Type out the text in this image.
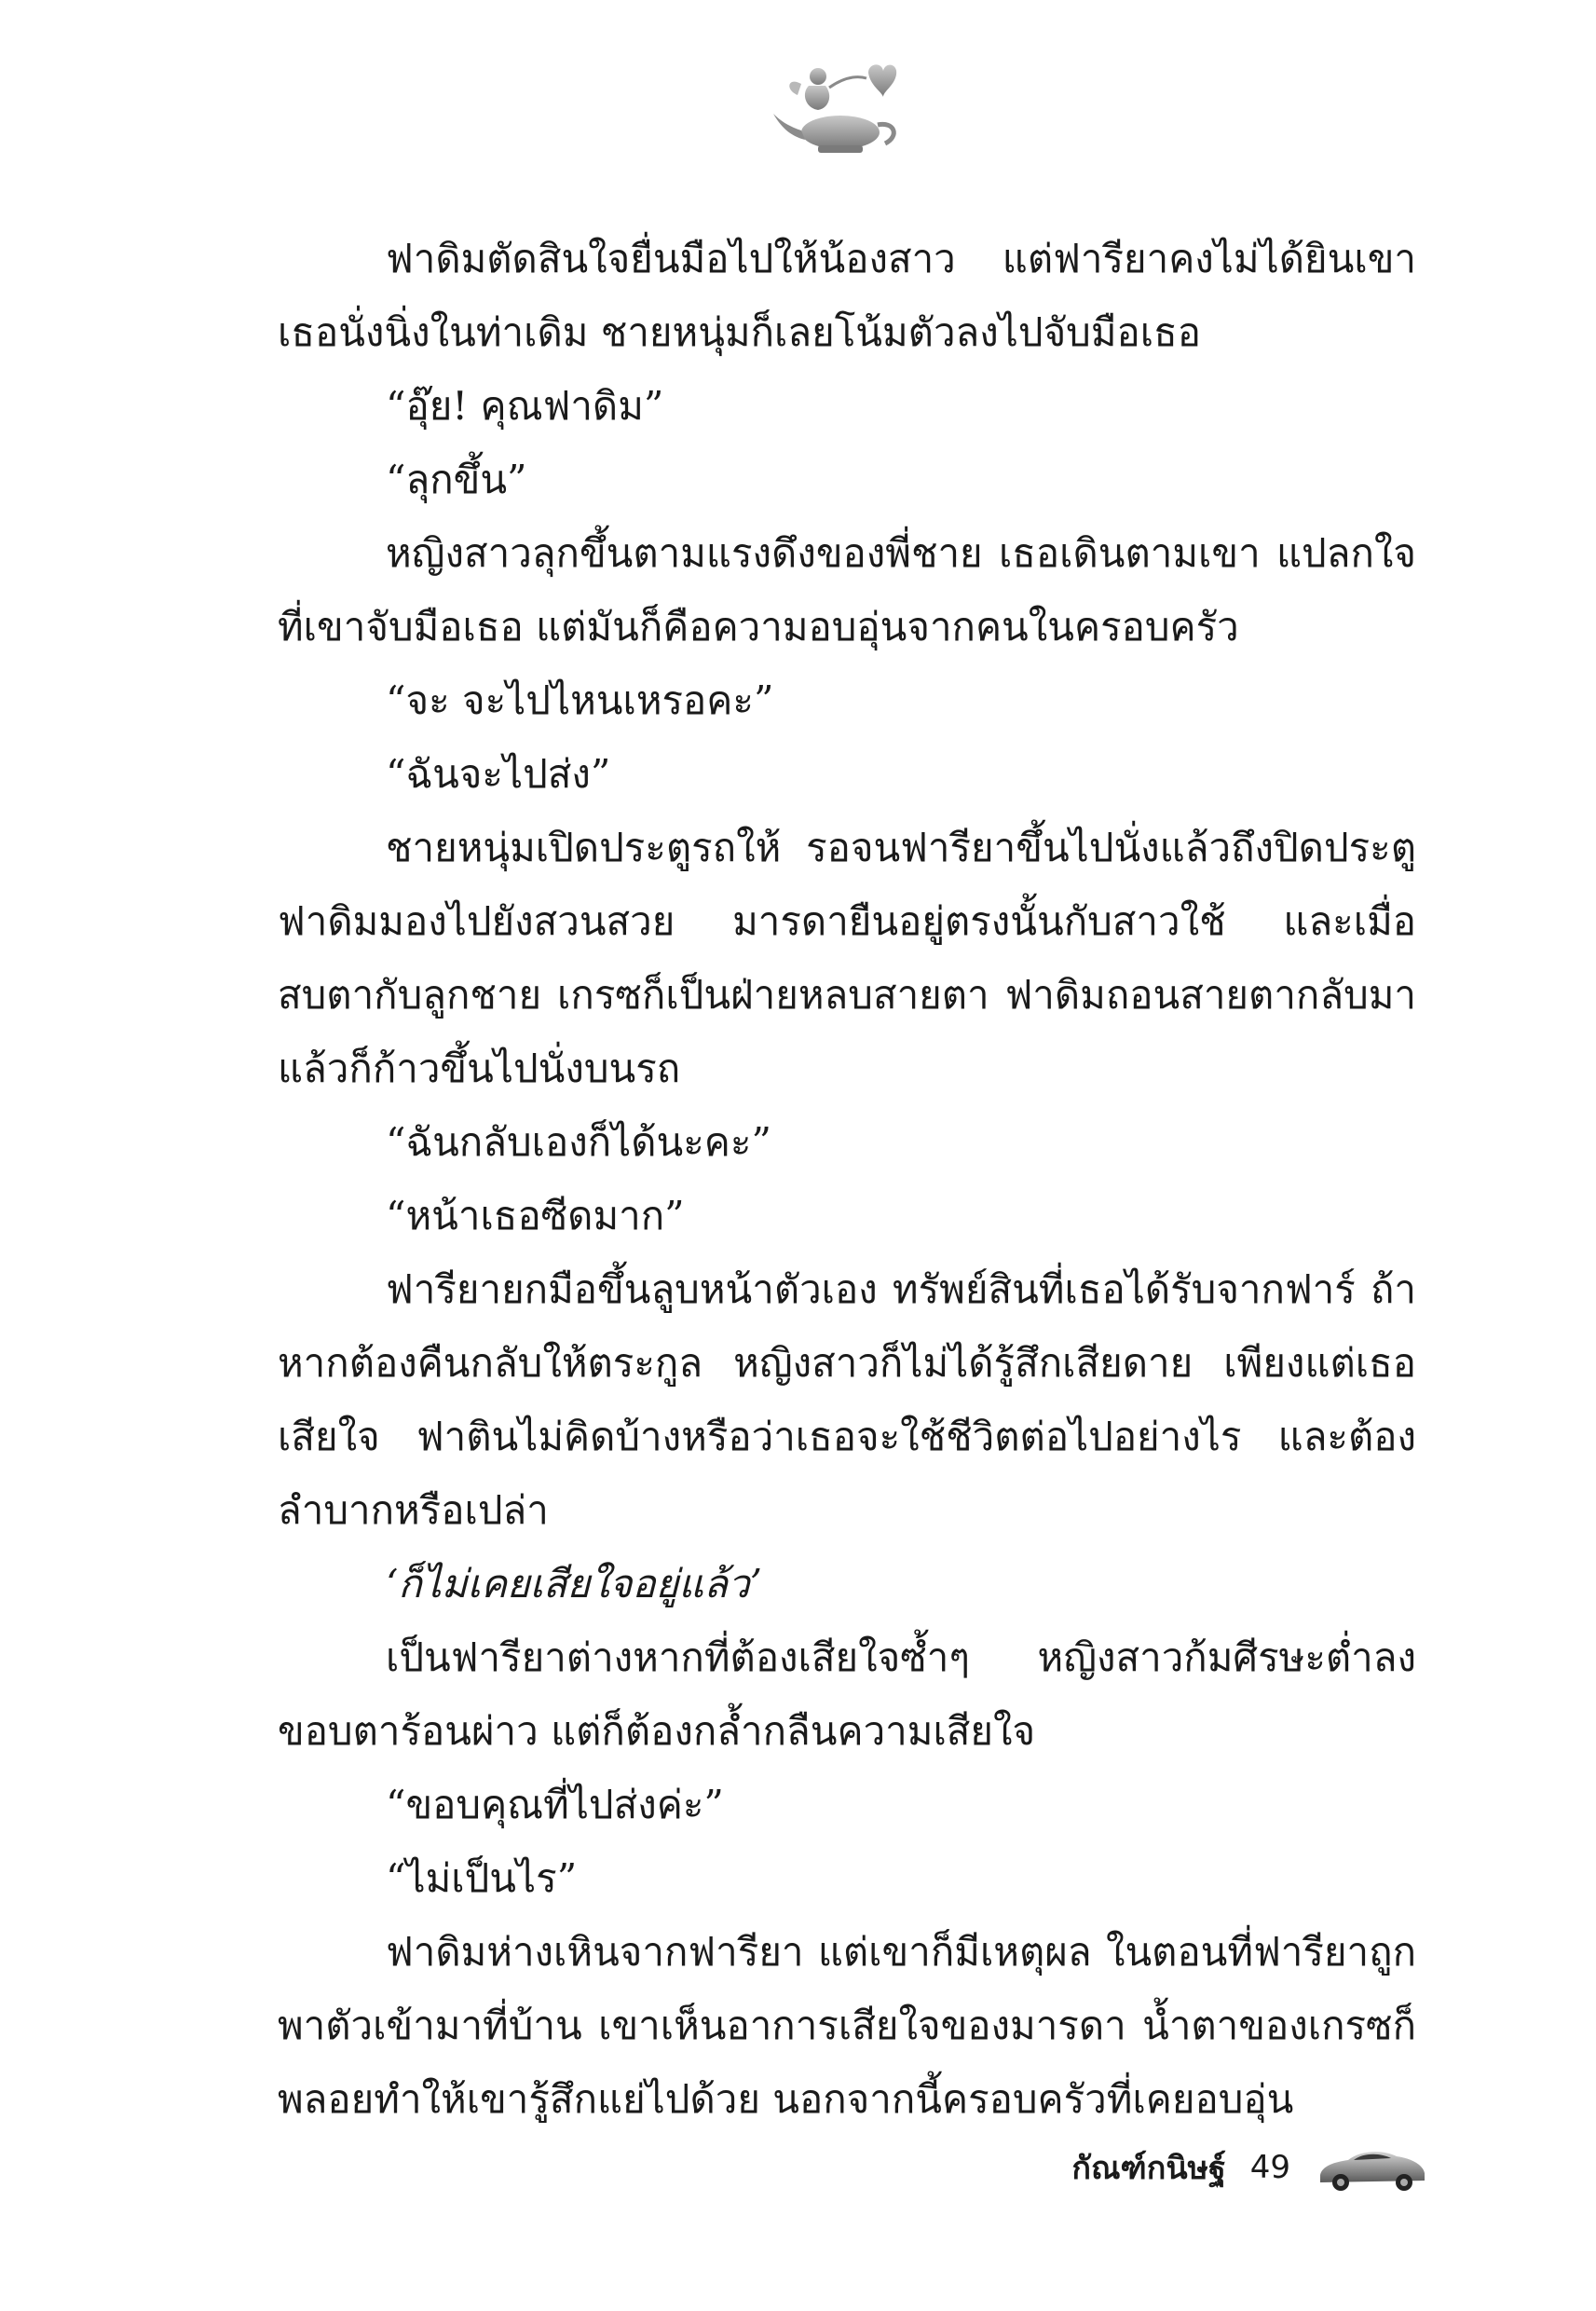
ฟาดิมตัดสินใจยื่นมือไปให้น้องสาว แต่ฟารียาคงไม่ได้ยินเขา เธอนั่งนิ่งในท่าเดิม ชายหนุ่มก็เลยโน้มตัวลงไปจับมือเธอ

“อุ๊ย! คุณฟาดิม”

“ลุกขึ้น”

หญิงสาวลุกขึ้นตามแรงดึงของพี่ชาย เธอเดินตามเขา แปลกใจที่เขาจับมือเธอ แต่มันก็คือความอบอุ่นจากคนในครอบครัว

“จะ จะไปไหนเหรอคะ”

“ฉันจะไปส่ง”

ชายหนุ่มเปิดประตูรถให้ รอจนฟารียาขึ้นไปนั่งแล้วถึงปิดประตู ฟาดิมมองไปยังสวนสวย มารดายืนอยู่ตรงนั้นกับสาวใช้ และเมื่อสบตากับลูกชาย เกรซก็เป็นฝ่ายหลบสายตา ฟาดิมถอนสายตากลับมาแล้วก็ก้าวขึ้นไปนั่งบนรถ

“ฉันกลับเองก็ได้นะคะ”

“หน้าเธอซีดมาก”

ฟารียายกมือขึ้นลูบหน้าตัวเอง ทรัพย์สินที่เธอได้รับจากฟาร์ ถ้าหากต้องคืนกลับให้ตระกูล หญิงสาวก็ไม่ได้รู้สึกเสียดาย เพียงแต่เธอเสียใจ ฟาตินไม่คิดบ้างหรือว่าเธอจะใช้ชีวิตต่อไปอย่างไร และต้องลำบากหรือเปล่า

‘ก็ไม่เคยเสียใจอยู่แล้ว’

เป็นฟารียาต่างหากที่ต้องเสียใจซ้ำๆ หญิงสาวก้มศีรษะต่ำลง ขอบตาร้อนผ่าว แต่ก็ต้องกล้ำกลืนความเสียใจ

“ขอบคุณที่ไปส่งค่ะ”

“ไม่เป็นไร”

ฟาดิมห่างเหินจากฟารียา แต่เขาก็มีเหตุผล ในตอนที่ฟารียาถูกพาตัวเข้ามาที่บ้าน เขาเห็นอาการเสียใจของมารดา น้ำตาของเกรซก็พลอยทำให้เขารู้สึกแย่ไปด้วย นอกจากนี้ครอบครัวที่เคยอบอุ่น

กัณฑ์กนิษฐ์ 49
